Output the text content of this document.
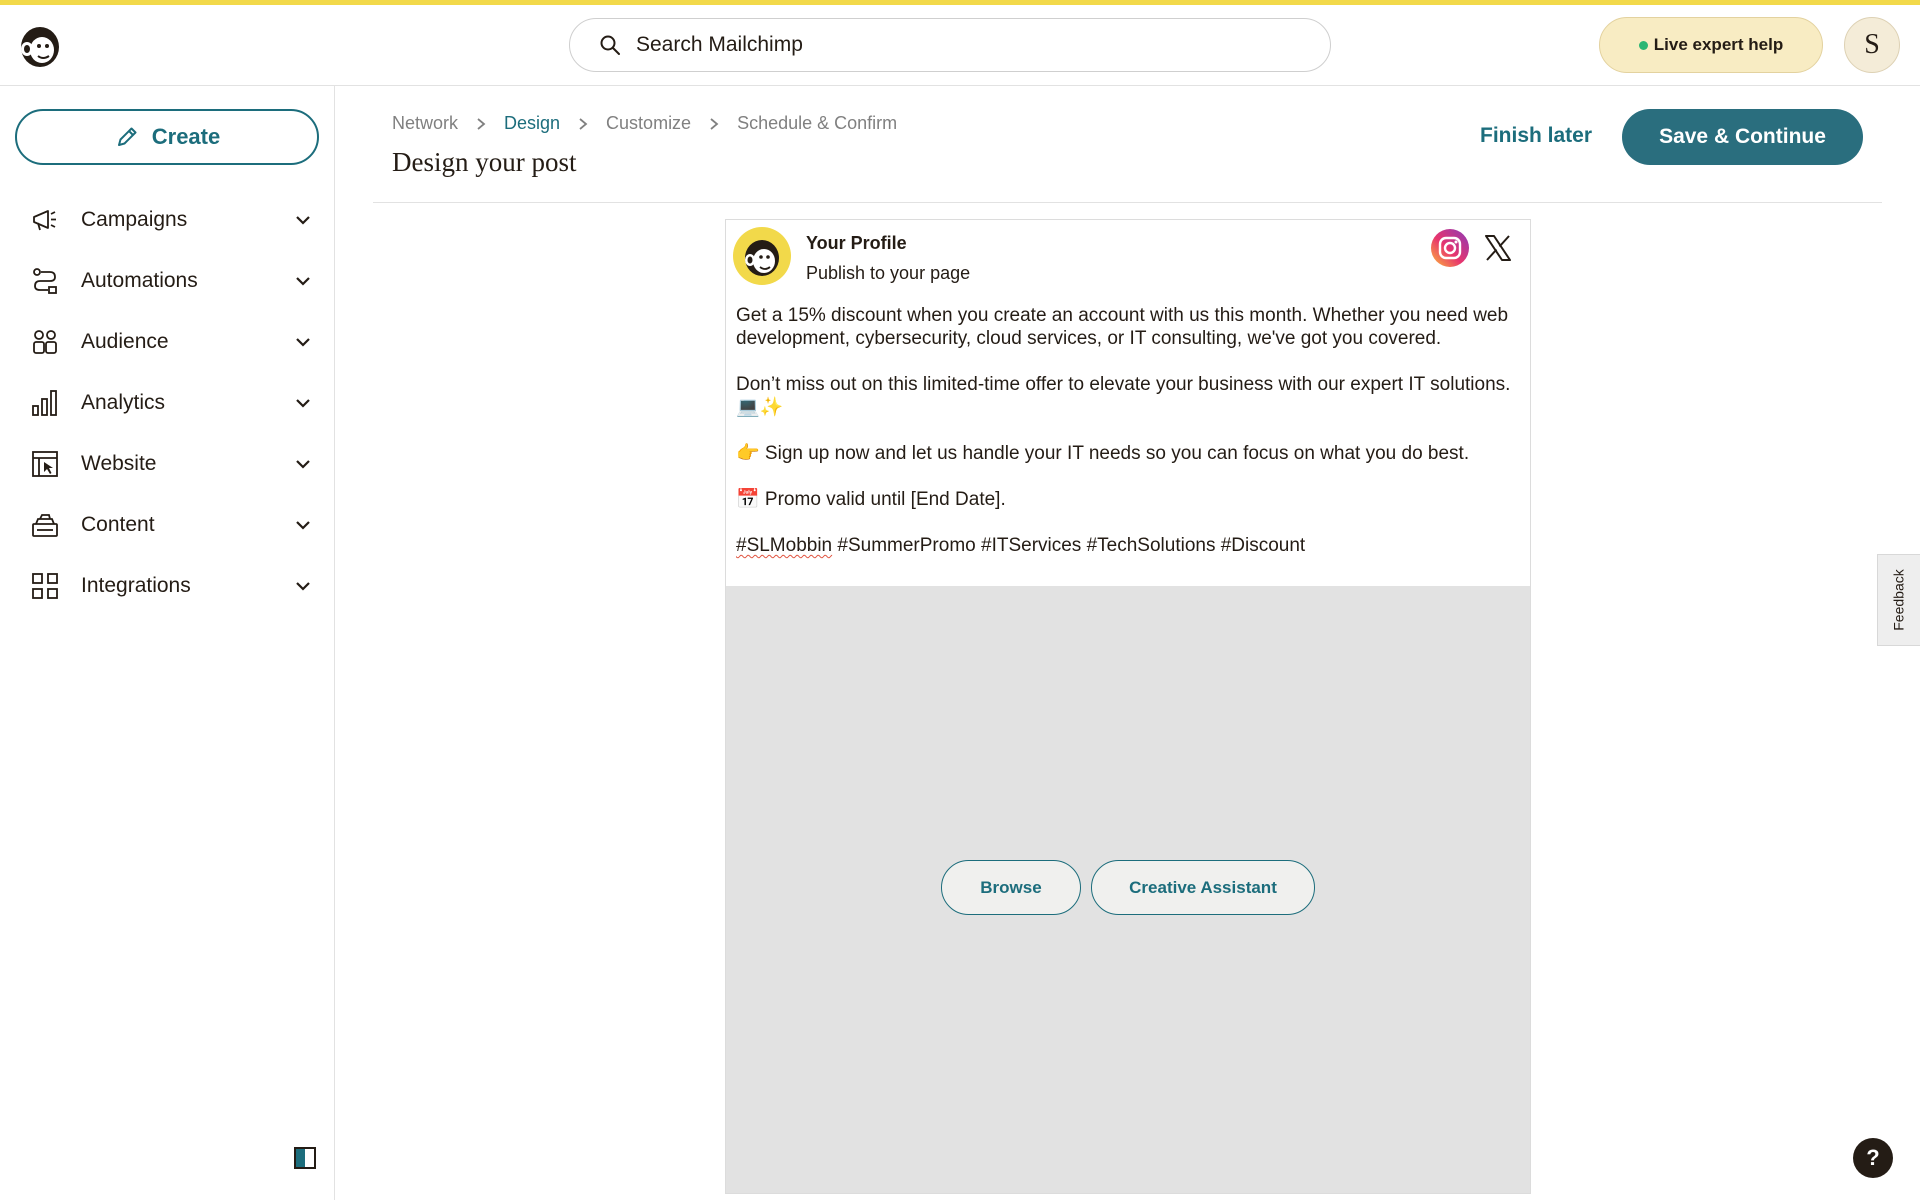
Search Mailchimp	Live expert help	S
Create
Campaigns
Automations
Audience
Analytics
Website
Content
Integrations
Network	Design	Customize	Schedule & Confirm
Design your post
Finish later	Save & Continue
Your Profile
Publish to your page

Get a 15% discount when you create an account with us this month. Whether you need web development, cybersecurity, cloud services, or IT consulting, we've got you covered.

Don’t miss out on this limited-time offer to elevate your business with our expert IT solutions. 💻✨

👉 Sign up now and let us handle your IT needs so you can focus on what you do best.

📅 Promo valid until [End Date].

#SLMobbin #SummerPromo #ITServices #TechSolutions #Discount

Browse	Creative Assistant
Feedback
?
